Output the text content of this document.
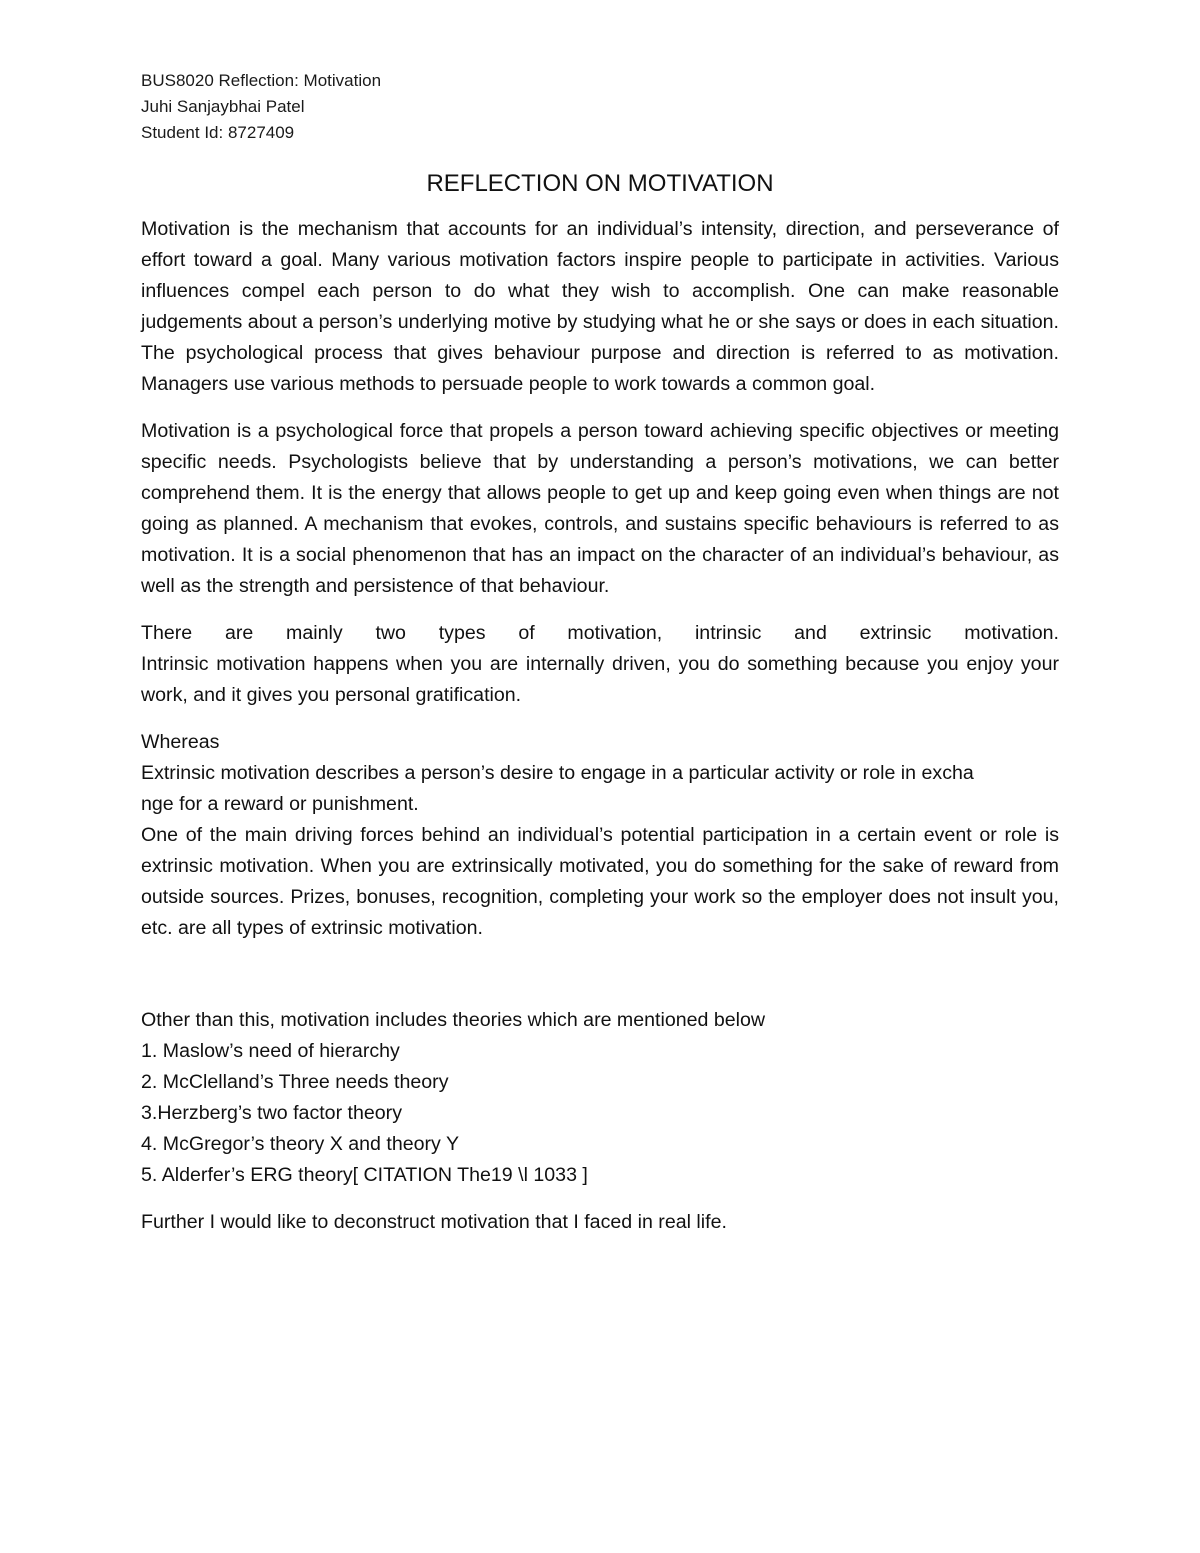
BUS8020 Reflection: Motivation
Juhi Sanjaybhai Patel
Student Id: 8727409
REFLECTION ON MOTIVATION

Motivation is the mechanism that accounts for an individual’s intensity, direction, and perseverance of effort toward a goal. Many various motivation factors inspire people to participate in activities. Various influences compel each person to do what they wish to accomplish. One can make reasonable judgements about a person’s underlying motive by studying what he or she says or does in each situation. The psychological process that gives behaviour purpose and direction is referred to as motivation. Managers use various methods to persuade people to work towards a common goal.

Motivation is a psychological force that propels a person toward achieving specific objectives or meeting specific needs. Psychologists believe that by understanding a person’s motivations, we can better comprehend them. It is the energy that allows people to get up and keep going even when things are not going as planned. A mechanism that evokes, controls, and sustains specific behaviours is referred to as motivation. It is a social phenomenon that has an impact on the character of an individual’s behaviour, as well as the strength and persistence of that behaviour.

There are mainly two types of motivation, intrinsic and extrinsic motivation.

Intrinsic motivation happens when you are internally driven, you do something because you enjoy your work, and it gives you personal gratification.

Whereas

Extrinsic motivation describes a person’s desire to engage in a particular activity or role in excha

nge for a reward or punishment.

One of the main driving forces behind an individual’s potential participation in a certain event or role is extrinsic motivation. When you are extrinsically motivated, you do something for the sake of reward from outside sources. Prizes, bonuses, recognition, completing your work so the employer does not insult you, etc. are all types of extrinsic motivation.

Other than this, motivation includes theories which are mentioned below

1. Maslow’s need of hierarchy
2. McClelland’s Three needs theory
3.Herzberg’s two factor theory
4. McGregor’s theory X and theory Y
5. Alderfer’s ERG theory[ CITATION The19 \l 1033 ]

Further I would like to deconstruct motivation that I faced in real life.
